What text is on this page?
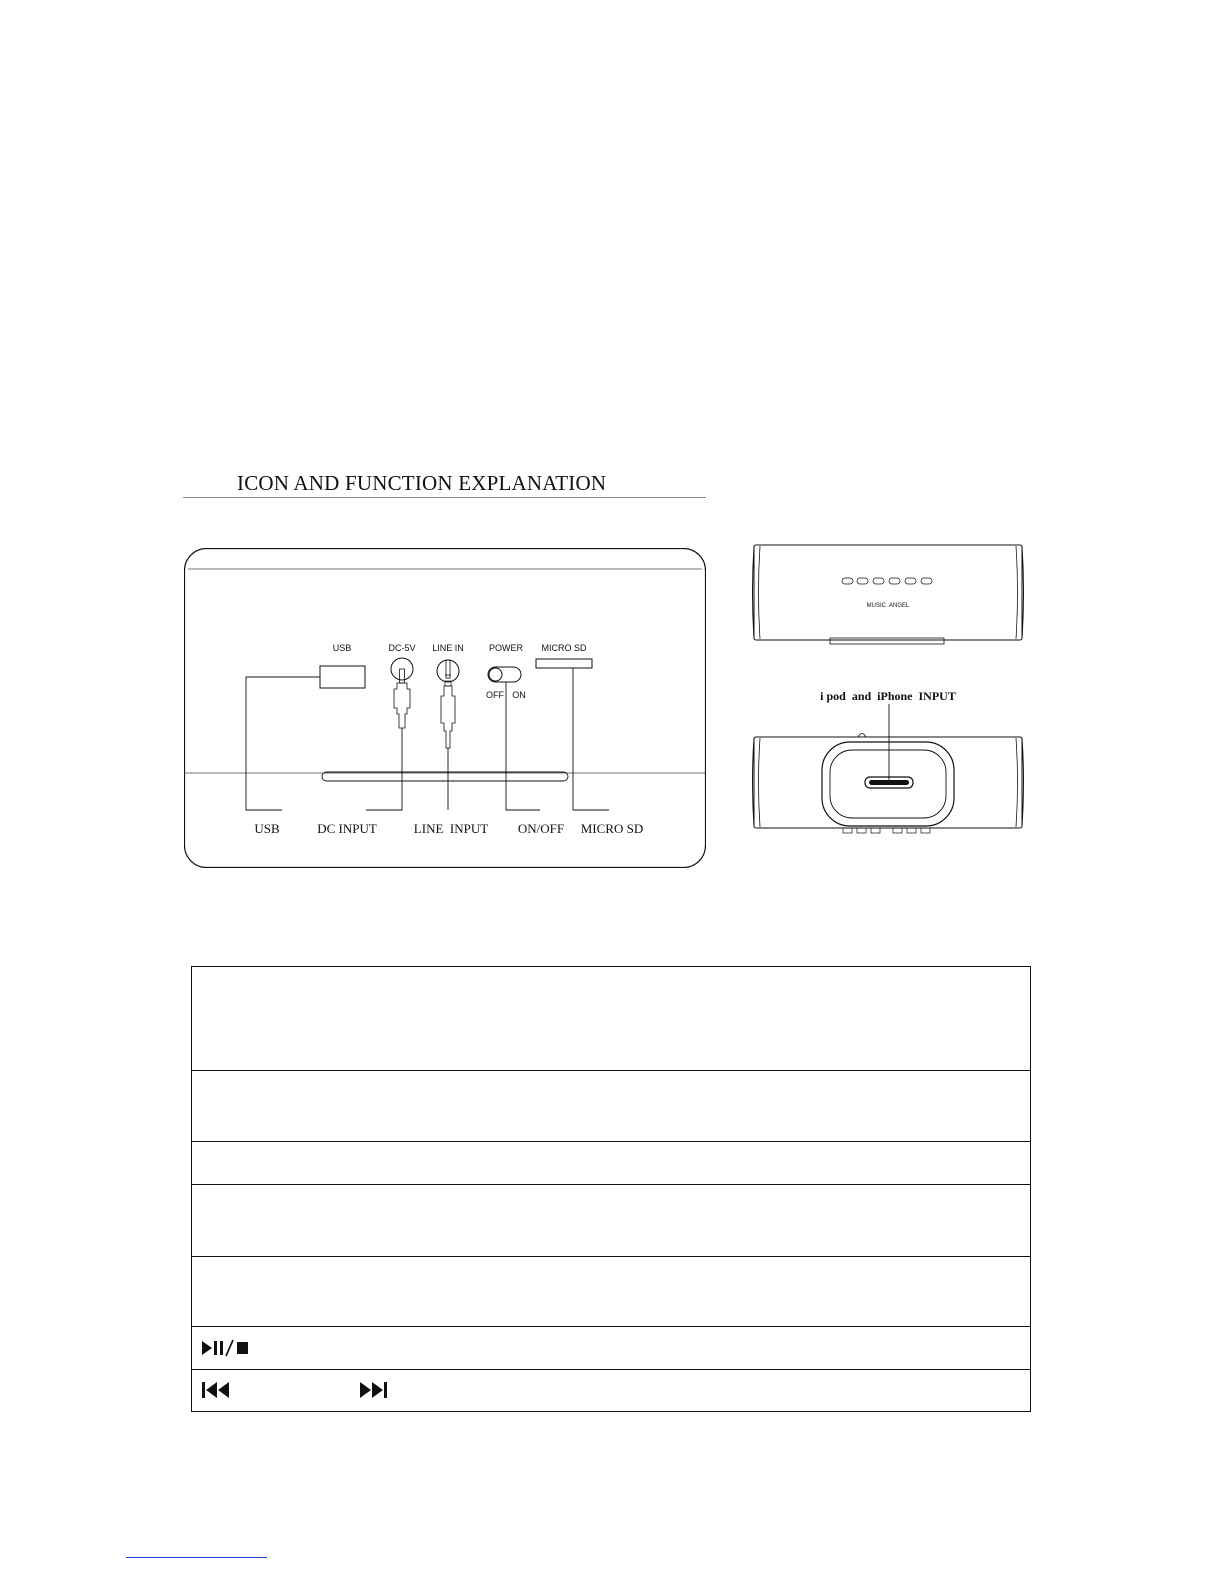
ICON AND FUNCTION EXPLANATION
USB	DC-5V LINE IN	POWER MICRO SD
OFF ON
USB	DC INPUT	LINE  INPUT ON/OFF MICRO SD
MUSIC  ANGEL
i pod  and  iPhone  INPUT
